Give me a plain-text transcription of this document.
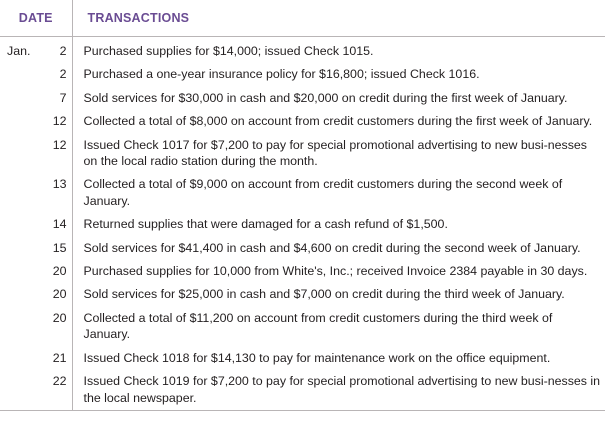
DATE		TRANSACTIONS
Jan.	2	Purchased supplies for $14,000; issued Check 1015.
	2	Purchased a one-year insurance policy for $16,800; issued Check 1016.
	7	Sold services for $30,000 in cash and $20,000 on credit during the first week of January.
	12	Collected a total of $8,000 on account from credit customers during the first week of January.
	12	Issued Check 1017 for $7,200 to pay for special promotional advertising to new busi-nesses on the local radio station during the month.
	13	Collected a total of $9,000 on account from credit customers during the second week of January.
	14	Returned supplies that were damaged for a cash refund of $1,500.
	15	Sold services for $41,400 in cash and $4,600 on credit during the second week of January.
	20	Purchased supplies for 10,000 from White's, Inc.; received Invoice 2384 payable in 30 days.
	20	Sold services for $25,000 in cash and $7,000 on credit during the third week of January.
	20	Collected a total of $11,200 on account from credit customers during the third week of January.
	21	Issued Check 1018 for $14,130 to pay for maintenance work on the office equipment.
	22	Issued Check 1019 for $7,200 to pay for special promotional advertising to new busi-nesses in the local newspaper.
